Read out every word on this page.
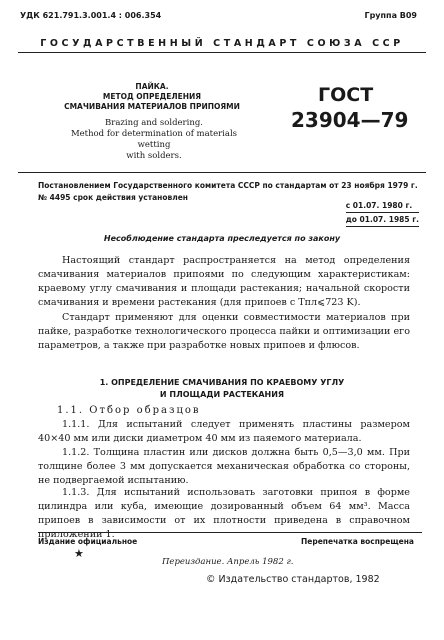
УДК 621.791.3.001.4 : 006.354	Группа В09
ГОСУДАРСТВЕННЫЙ СТАНДАРТ СОЮЗА ССР
ПАЙКА.
МЕТОД ОПРЕДЕЛЕНИЯ
СМАЧИВАНИЯ МАТЕРИАЛОВ ПРИПОЯМИ
Brazing and soldering.
Method for determination of materials wetting
with solders.
ГОСТ
23904—79
Постановлением Государственного комитета СССР по стандартам от 23 ноября 1979 г. № 4495 срок действия установлен
с 01.07. 1980 г.
до 01.07. 1985 г.
Несоблюдение стандарта преследуется по закону
Настоящий стандарт распространяется на метод определения смачивания материалов припоями по следующим характеристикам: краевому углу смачивания и площади растекания; начальной скорости смачивания и времени растекания (для припоев с Tпл⩽723 K).
Стандарт применяют для оценки совместимости материалов при пайке, разработке технологического процесса пайки и оптимизации его параметров, а также при разработке новых припоев и флюсов.
1. ОПРЕДЕЛЕНИЕ СМАЧИВАНИЯ ПО КРАЕВОМУ УГЛУ
И ПЛОЩАДИ РАСТЕКАНИЯ
1.1. Отбор образцов
1.1.1. Для испытаний следует применять пластины размером 40×40 мм или диски диаметром 40 мм из паяемого материала.
1.1.2. Толщина пластин или дисков должна быть 0,5—3,0 мм. При толщине более 3 мм допускается механическая обработка со стороны, не подвергаемой испытанию.
1.1.3. Для испытаний использовать заготовки припоя в форме цилиндра или куба, имеющие дозированный объем 64 мм³. Масса припоев в зависимости от их плотности приведена в справочном приложении 1.
Издание официальное	Перепечатка воспрещена
★
Переиздание. Апрель 1982 г.
© Издательство стандартов, 1982
